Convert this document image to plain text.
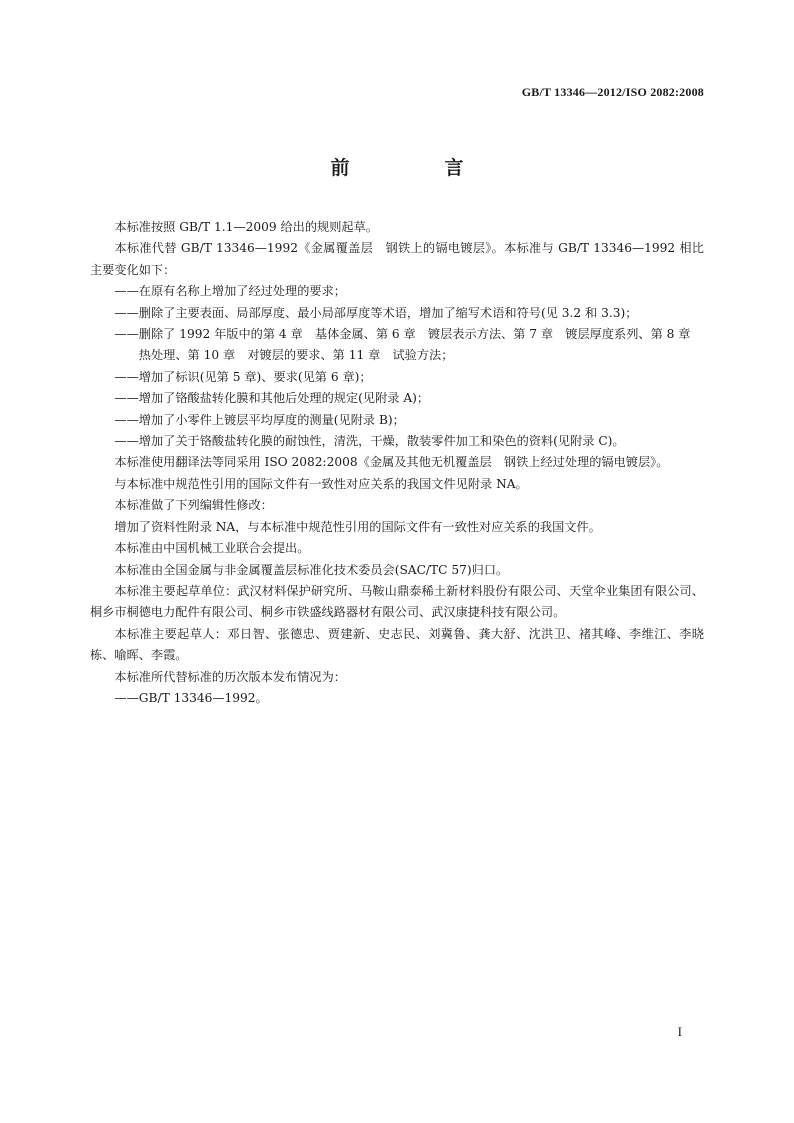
GB/T 13346—2012/ISO 2082:2008
前　言

本标准按照 GB/T 1.1—2009 给出的规则起草。

本标准代替 GB/T 13346—1992《金属覆盖层　钢铁上的镉电镀层》。本标准与 GB/T 13346—1992 相比主要变化如下：

——在原有名称上增加了经过处理的要求；

——删除了主要表面、局部厚度、最小局部厚度等术语，增加了缩写术语和符号(见 3.2 和 3.3)；

——删除了 1992 年版中的第 4 章　基体金属、第 6 章　镀层表示方法、第 7 章　镀层厚度系列、第 8 章　热处理、第 10 章　对镀层的要求、第 11 章　试验方法；

——增加了标识(见第 5 章)、要求(见第 6 章)；

——增加了铬酸盐转化膜和其他后处理的规定(见附录 A)；

——增加了小零件上镀层平均厚度的测量(见附录 B)；

——增加了关于铬酸盐转化膜的耐蚀性，清洗，干燥，散装零件加工和染色的资料(见附录 C)。

本标准使用翻译法等同采用 ISO 2082:2008《金属及其他无机覆盖层　钢铁上经过处理的镉电镀层》。

与本标准中规范性引用的国际文件有一致性对应关系的我国文件见附录 NA。

本标准做了下列编辑性修改：

增加了资料性附录 NA，与本标准中规范性引用的国际文件有一致性对应关系的我国文件。

本标准由中国机械工业联合会提出。

本标准由全国金属与非金属覆盖层标准化技术委员会(SAC/TC 57)归口。

本标准主要起草单位：武汉材料保护研究所、马鞍山鼎泰稀土新材料股份有限公司、天堂伞业集团有限公司、桐乡市桐德电力配件有限公司、桐乡市铁盛线路器材有限公司、武汉康捷科技有限公司。

本标准主要起草人：邓日智、张德忠、贾建新、史志民、刘冀鲁、龚大舒、沈洪卫、褚其峰、李维江、李晓栋、喻晖、李霞。

本标准所代替标准的历次版本发布情况为：

——GB/T 13346—1992。

I
